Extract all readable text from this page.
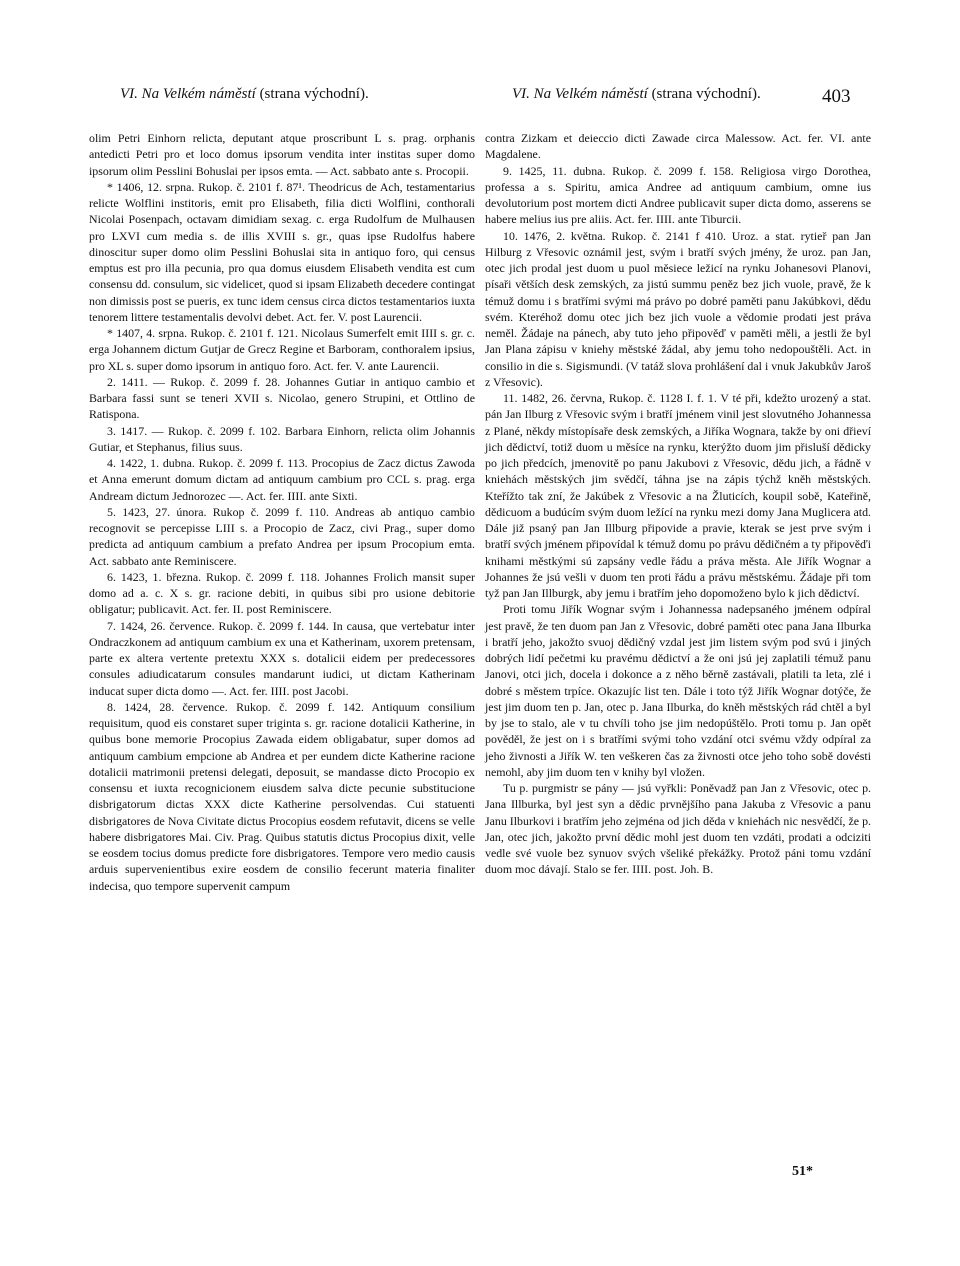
VI. Na Velkém náměstí (strana východní).	VI. Na Velkém náměstí (strana východní).	403

olim Petri Einhorn relicta, deputant atque proscribunt L s. prag. orphanis antedicti Petri pro et loco domus ipsorum vendita inter institas super domo ipsorum olim Pesslini Bohuslai per ipsos emta. — Act. sabbato ante s. Procopii.

* 1406, 12. srpna. Rukop. č. 2101 f. 87¹. Theodricus de Ach, testamentarius relicte Wolflini institoris, emit pro Elisabeth, filia dicti Wolflini, conthorali Nicolai Posenpach, octavam dimidiam sexag. c. erga Rudolfum de Mulhausen pro LXVI cum media s. de illis XVIII s. gr., quas ipse Rudolfus habere dinoscitur super domo olim Pesslini Bohuslai sita in antiquo foro, qui census emptus est pro illa pecunia, pro qua domus eiusdem Elisabeth vendita est cum consensu dd. consulum, sic videlicet, quod si ipsam Elizabeth decedere contingat non dimissis post se pueris, ex tunc idem census circa dictos testamentarios iuxta tenorem littere testamentalis devolvi debet. Act. fer. V. post Laurencii.

* 1407, 4. srpna. Rukop. č. 2101 f. 121. Nicolaus Sumerfelt emit IIII s. gr. c. erga Johannem dictum Gutjar de Grecz Regine et Barboram, conthoralem ipsius, pro XL s. super domo ipsorum in antiquo foro. Act. fer. V. ante Laurencii.

2. 1411. — Rukop. č. 2099 f. 28. Johannes Gutiar in antiquo cambio et Barbara fassi sunt se teneri XVII s. Nicolao, genero Strupini, et Ottlino de Ratispona.

3. 1417. — Rukop. č. 2099 f. 102. Barbara Einhorn, relicta olim Johannis Gutiar, et Stephanus, filius suus.

4. 1422, 1. dubna. Rukop. č. 2099 f. 113. Procopius de Zacz dictus Zawoda et Anna emerunt domum dictam ad antiquum cambium pro CCL s. prag. erga Andream dictum Jednorozec —. Act. fer. IIII. ante Sixti.

5. 1423, 27. února. Rukop č. 2099 f. 110. Andreas ab antiquo cambio recognovit se percepisse LIII s. a Procopio de Zacz, civi Prag., super domo predicta ad antiquum cambium a prefato Andrea per ipsum Procopium emta. Act. sabbato ante Reminiscere.

6. 1423, 1. března. Rukop. č. 2099 f. 118. Johannes Frolich mansit super domo ad a. c. X s. gr. racione debiti, in quibus sibi pro usione debitorie obligatur; publicavit. Act. fer. II. post Reminiscere.

7. 1424, 26. července. Rukop. č. 2099 f. 144. In causa, que vertebatur inter Ondraczkonem ad antiquum cambium ex una et Katherinam, uxorem pretensam, parte ex altera vertente pretextu XXX s. dotalicii eidem per predecessores consules adiudicatarum consules mandarunt iudici, ut dictam Katherinam inducat super dicta domo —. Act. fer. IIII. post Jacobi.

8. 1424, 28. července. Rukop. č. 2099 f. 142. Antiquum consilium requisitum, quod eis constaret super triginta s. gr. racione dotalicii Katherine, in quibus bone memorie Procopius Zawada eidem obligabatur, super domos ad antiquum cambium empcione ab Andrea et per eundem dicte Katherine racione dotalicii matrimonii pretensi delegati, deposuit, se mandasse dicto Procopio ex consensu et iuxta recognicionem eiusdem salva dicte pecunie substitucione disbrigatorum dictas XXX dicte Katherine persolvendas. Cui statuenti disbrigatores de Nova Civitate dictus Procopius eosdem refutavit, dicens se velle habere disbrigatores Mai. Civ. Prag. Quibus statutis dictus Procopius dixit, velle se eosdem tocius domus predicte fore disbrigatores. Tempore vero medio causis arduis supervenientibus exire eosdem de consilio fecerunt materia finaliter indecisa, quo tempore supervenit campum

contra Zizkam et deieccio dicti Zawade circa Malessow. Act. fer. VI. ante Magdalene.

9. 1425, 11. dubna. Rukop. č. 2099 f. 158. Religiosa virgo Dorothea, professa a s. Spiritu, amica Andree ad antiquum cambium, omne ius devolutorium post mortem dicti Andree publicavit super dicta domo, asserens se habere melius ius pre aliis. Act. fer. IIII. ante Tiburcii.

10. 1476, 2. května. Rukop. č. 2141 f 410. Uroz. a stat. rytieř pan Jan Hilburg z Vřesovic oznámil jest, svým i bratří svých jmény, že uroz. pan Jan, otec jich prodal jest duom u puol měsiece ležicí na rynku Johanesovi Planovi, písaři větších desk zemských, za jistú summu peněz bez jich vuole, pravě, že k témuž domu i s bratřími svými má právo po dobré paměti panu Jakúbkovi, dědu svém. Kteréhož domu otec jich bez jich vuole a vědomie prodati jest práva neměl. Žádaje na pánech, aby tuto jeho připověď v paměti měli, a jestli že byl Jan Plana zápisu v kniehy městské žádal, aby jemu toho nedopouštěli. Act. in consilio in die s. Sigismundi. (V tatáž slova prohlášení dal i vnuk Jakubkův Jaroš z Vřesovic).

11. 1482, 26. června, Rukop. č. 1128 I. f. 1. V té při, kdežto urozený a stat. pán Jan Ilburg z Vřesovic svým i bratří jménem vinil jest slovutného Johannessa z Plané, někdy místopísaře desk zemských, a Jiříka Wognara, takže by oni dřieví jich dědictví, totiž duom u měsíce na rynku, kterýžto duom jim přisluší dědicky po jich předcích, jmenovitě po panu Jakubovi z Vřesovic, dědu jich, a řádně v kniehách městských jim svědčí, táhna jse na zápis týchž kněh městských. Kteřížto tak zní, že Jakúbek z Vřesovic a na Žluticích, koupil sobě, Kateřině, dědicuom a budúcím svým duom ležící na rynku mezi domy Jana Muglicera atd. Dále již psaný pan Jan Illburg připovide a pravie, kterak se jest prve svým i bratří svých jménem připovídal k témuž domu po právu dědičném a ty připověďi knihami městkými sú zapsány vedle řádu a práva města. Ale Jiřík Wognar a Johannes že jsú vešli v duom ten proti řádu a právu městskému. Žádaje při tom tyž pan Jan Illburgk, aby jemu i bratřím jeho dopomoženo bylo k jich dědictví.

Proti tomu Jiřík Wognar svým i Johannessa nadepsaného jménem odpíral jest pravě, že ten duom pan Jan z Vřesovic, dobré paměti otec pana Jana Ilburka i bratří jeho, jakožto svuoj dědičný vzdal jest jim listem svým pod svú i jiných dobrých lidí pečetmi ku pravému dědictví a že oni jsú jej zaplatili témuž panu Janovi, otci jich, docela i dokonce a z něho běrně zastávali, platili ta leta, zlé i dobré s městem trpíce. Okazujíc list ten. Dále i toto týž Jiřík Wognar dotýče, že jest jim duom ten p. Jan, otec p. Jana Ilburka, do kněh městských rád chtěl a byl by jse to stalo, ale v tu chvíli toho jse jim nedopúštělo. Proti tomu p. Jan opět pověděl, že jest on i s bratřími svými toho vzdání otci svému vždy odpíral za jeho živnosti a Jiřík W. ten veškeren čas za živnosti otce jeho toho sobě dovésti nemohl, aby jim duom ten v knihy byl vložen.

Tu p. purgmistr se pány — jsú vyřkli: Poněvadž pan Jan z Vřesovic, otec p. Jana Illburka, byl jest syn a dědic prvnějšího pana Jakuba z Vřesovic a panu Janu Ilburkovi i bratřím jeho zejména od jich děda v kniehách nic nesvědčí, že p. Jan, otec jich, jakožto první dědic mohl jest duom ten vzdáti, prodati a odciziti vedle své vuole bez synuov svých všeliké překážky. Protož páni tomu vzdání duom moc dávají. Stalo se fer. IIII. post. Joh. B.

51*
